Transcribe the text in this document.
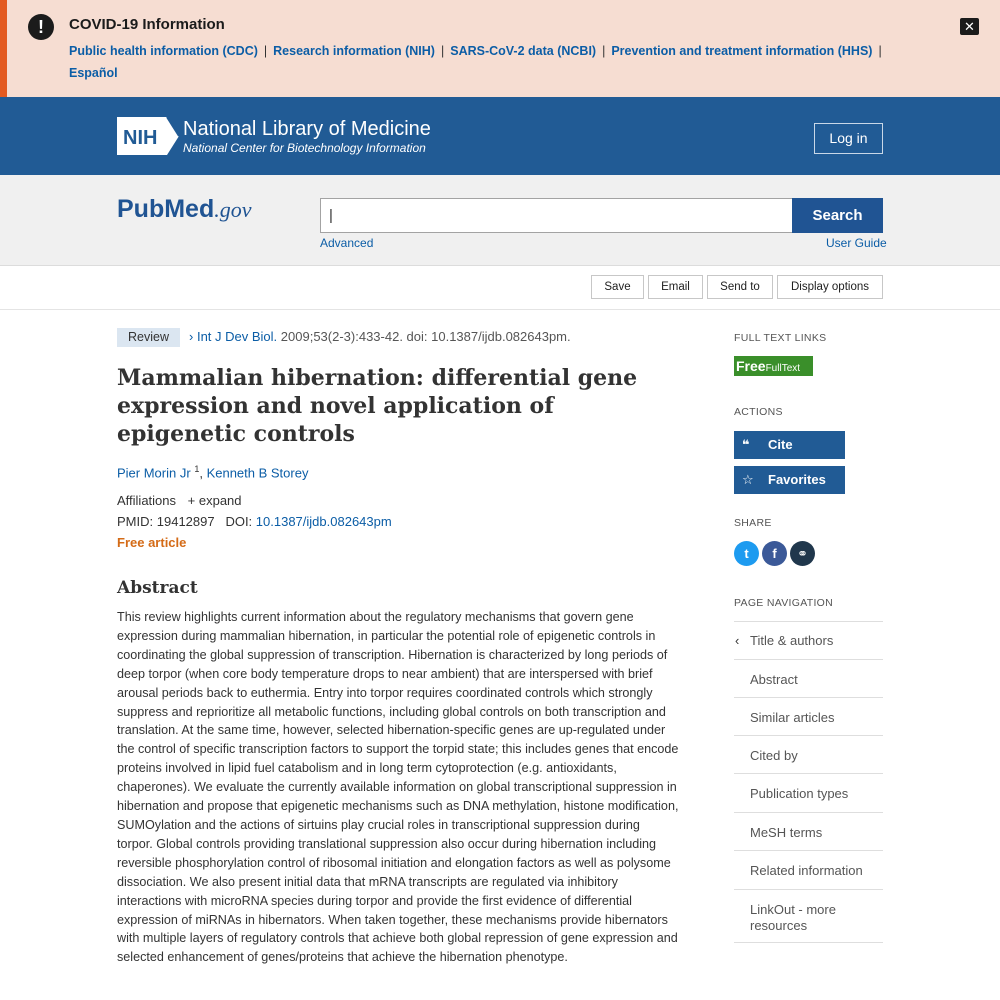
!	COVID-19 Information
Public health information (CDC) | Research information (NIH) | SARS-CoV-2 data (NCBI) | Prevention and treatment information (HHS) |
Español
✕
NIH National Library of Medicine
National Center for Biotechnology Information
Log in
PubMed.gov	|	Search
Advanced	User Guide
Save	Email	Send to	Display options
Review	› Int J Dev Biol. 2009;53(2-3):433-42. doi: 10.1387/ijdb.082643pm.
Mammalian hibernation: differential gene expression and novel application of epigenetic controls
Pier Morin Jr $^1$, Kenneth B Storey
Affiliations + expand
PMID: 19412897 DOI: 10.1387/ijdb.082643pm
Free article
Abstract
This review highlights current information about the regulatory mechanisms that govern gene expression during mammalian hibernation, in particular the potential role of epigenetic controls in coordinating the global suppression of transcription. Hibernation is characterized by long periods of deep torpor (when core body temperature drops to near ambient) that are interspersed with brief arousal periods back to euthermia. Entry into torpor requires coordinated controls which strongly suppress and reprioritize all metabolic functions, including global controls on both transcription and translation. At the same time, however, selected hibernation-specific genes are up-regulated under the control of specific transcription factors to support the torpid state; this includes genes that encode proteins involved in lipid fuel catabolism and in long term cytoprotection (e.g. antioxidants, chaperones). We evaluate the currently available information on global transcriptional suppression in hibernation and propose that epigenetic mechanisms such as DNA methylation, histone modification, SUMOylation and the actions of sirtuins play crucial roles in transcriptional suppression during torpor. Global controls providing translational suppression also occur during hibernation including reversible phosphorylation control of ribosomal initiation and elongation factors as well as polysome dissociation. We also present initial data that mRNA transcripts are regulated via inhibitory interactions with microRNA species during torpor and provide the first evidence of differential expression of miRNAs in hibernators. When taken together, these mechanisms provide hibernators with multiple layers of regulatory controls that achieve both global repression of gene expression and selected enhancement of genes/proteins that achieve the hibernation phenotype.
FULL TEXT LINKS
FreeFullText
ACTIONS
❝ Cite
☆ Favorites
SHARE
t	f	⚭
PAGE NAVIGATION
‹ Title & authors
Abstract
Similar articles
Cited by
Publication types
MeSH terms
Related information
LinkOut - more resources
